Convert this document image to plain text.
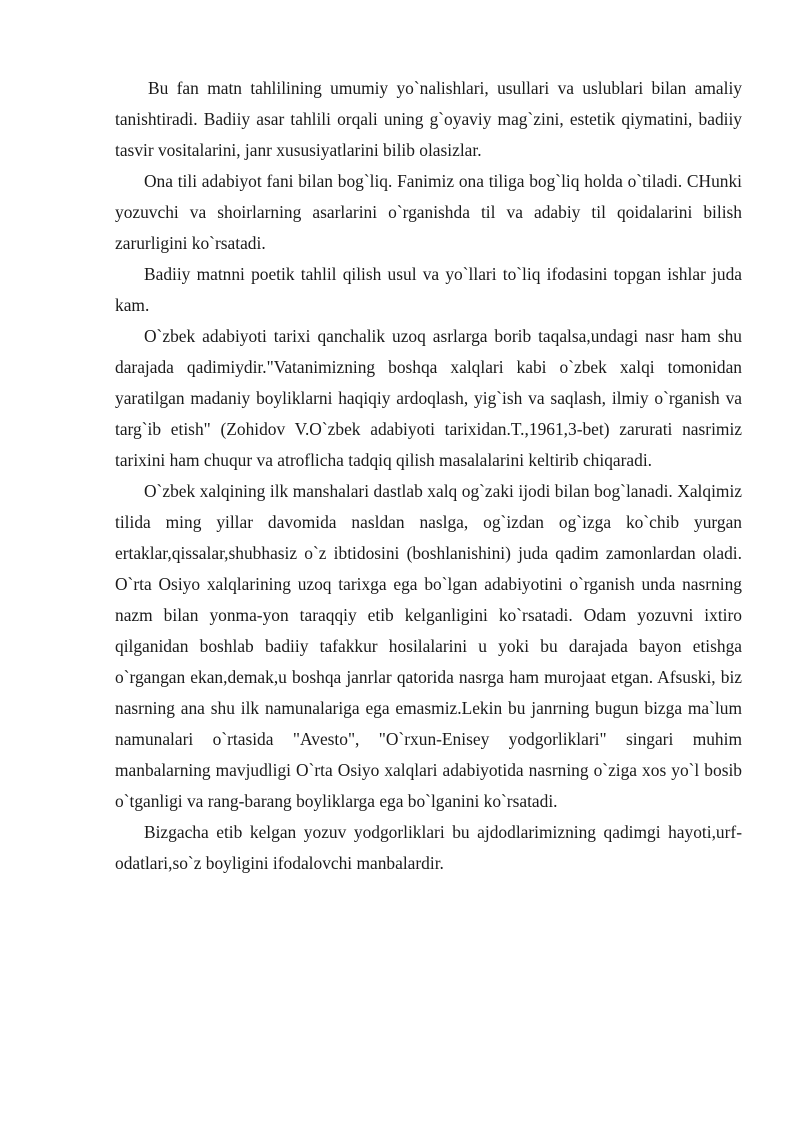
Bu fan matn tahlilining umumiy yo`nalishlari, usullari va uslublari bilan amaliy tanishtiradi. Badiiy asar tahlili orqali uning g`oyaviy mag`zini, estetik qiymatini, badiiy tasvir vositalarini, janr xususiyatlarini bilib olasizlar.

Ona tili adabiyot fani bilan bog`liq. Fanimiz ona tiliga bog`liq holda o`tiladi. CHunki yozuvchi va shoirlarning asarlarini o`rganishda til va adabiy til qoidalarini bilish zarurligini ko`rsatadi.

Badiiy matnni poetik tahlil qilish usul va yo`llari to`liq ifodasini topgan ishlar juda kam.

O`zbek adabiyoti tarixi qanchalik uzoq asrlarga borib taqalsa,undagi nasr ham shu darajada qadimiydir."Vatanimizning boshqa xalqlari kabi o`zbek xalqi tomonidan yaratilgan madaniy boyliklarni haqiqiy ardoqlash, yig`ish va saqlash, ilmiy o`rganish va targ`ib etish" (Zohidov V.O`zbek adabiyoti tarixidan.T.,1961,3-bet) zarurati nasrimiz tarixini ham chuqur va atroflicha tadqiq qilish masalalarini keltirib chiqaradi.

O`zbek xalqining ilk manshalari dastlab xalq og`zaki ijodi bilan bog`lanadi. Xalqimiz tilida ming yillar davomida nasldan naslga, og`izdan og`izga ko`chib yurgan ertaklar,qissalar,shubhasiz o`z ibtidosini (boshlanishini) juda qadim zamonlardan oladi. O`rta Osiyo xalqlarining uzoq tarixga ega bo`lgan adabiyotini o`rganish unda nasrning nazm bilan yonma-yon taraqqiy etib kelganligini ko`rsatadi. Odam yozuvni ixtiro qilganidan boshlab badiiy tafakkur hosilalarini u yoki bu darajada bayon etishga o`rgangan ekan,demak,u boshqa janrlar qatorida nasrga ham murojaat etgan. Afsuski, biz nasrning ana shu ilk namunalariga ega emasmiz.Lekin bu janrning bugun bizga ma`lum namunalari o`rtasida "Avesto", "O`rxun-Enisey yodgorliklari" singari muhim manbalarning mavjudligi O`rta Osiyo xalqlari adabiyotida nasrning o`ziga xos yo`l bosib o`tganligi va rang-barang boyliklarga ega bo`lganini ko`rsatadi.

Bizgacha etib kelgan yozuv yodgorliklari bu ajdodlarimizning qadimgi hayoti,urf-odatlari,so`z boyligini ifodalovchi manbalardir.
